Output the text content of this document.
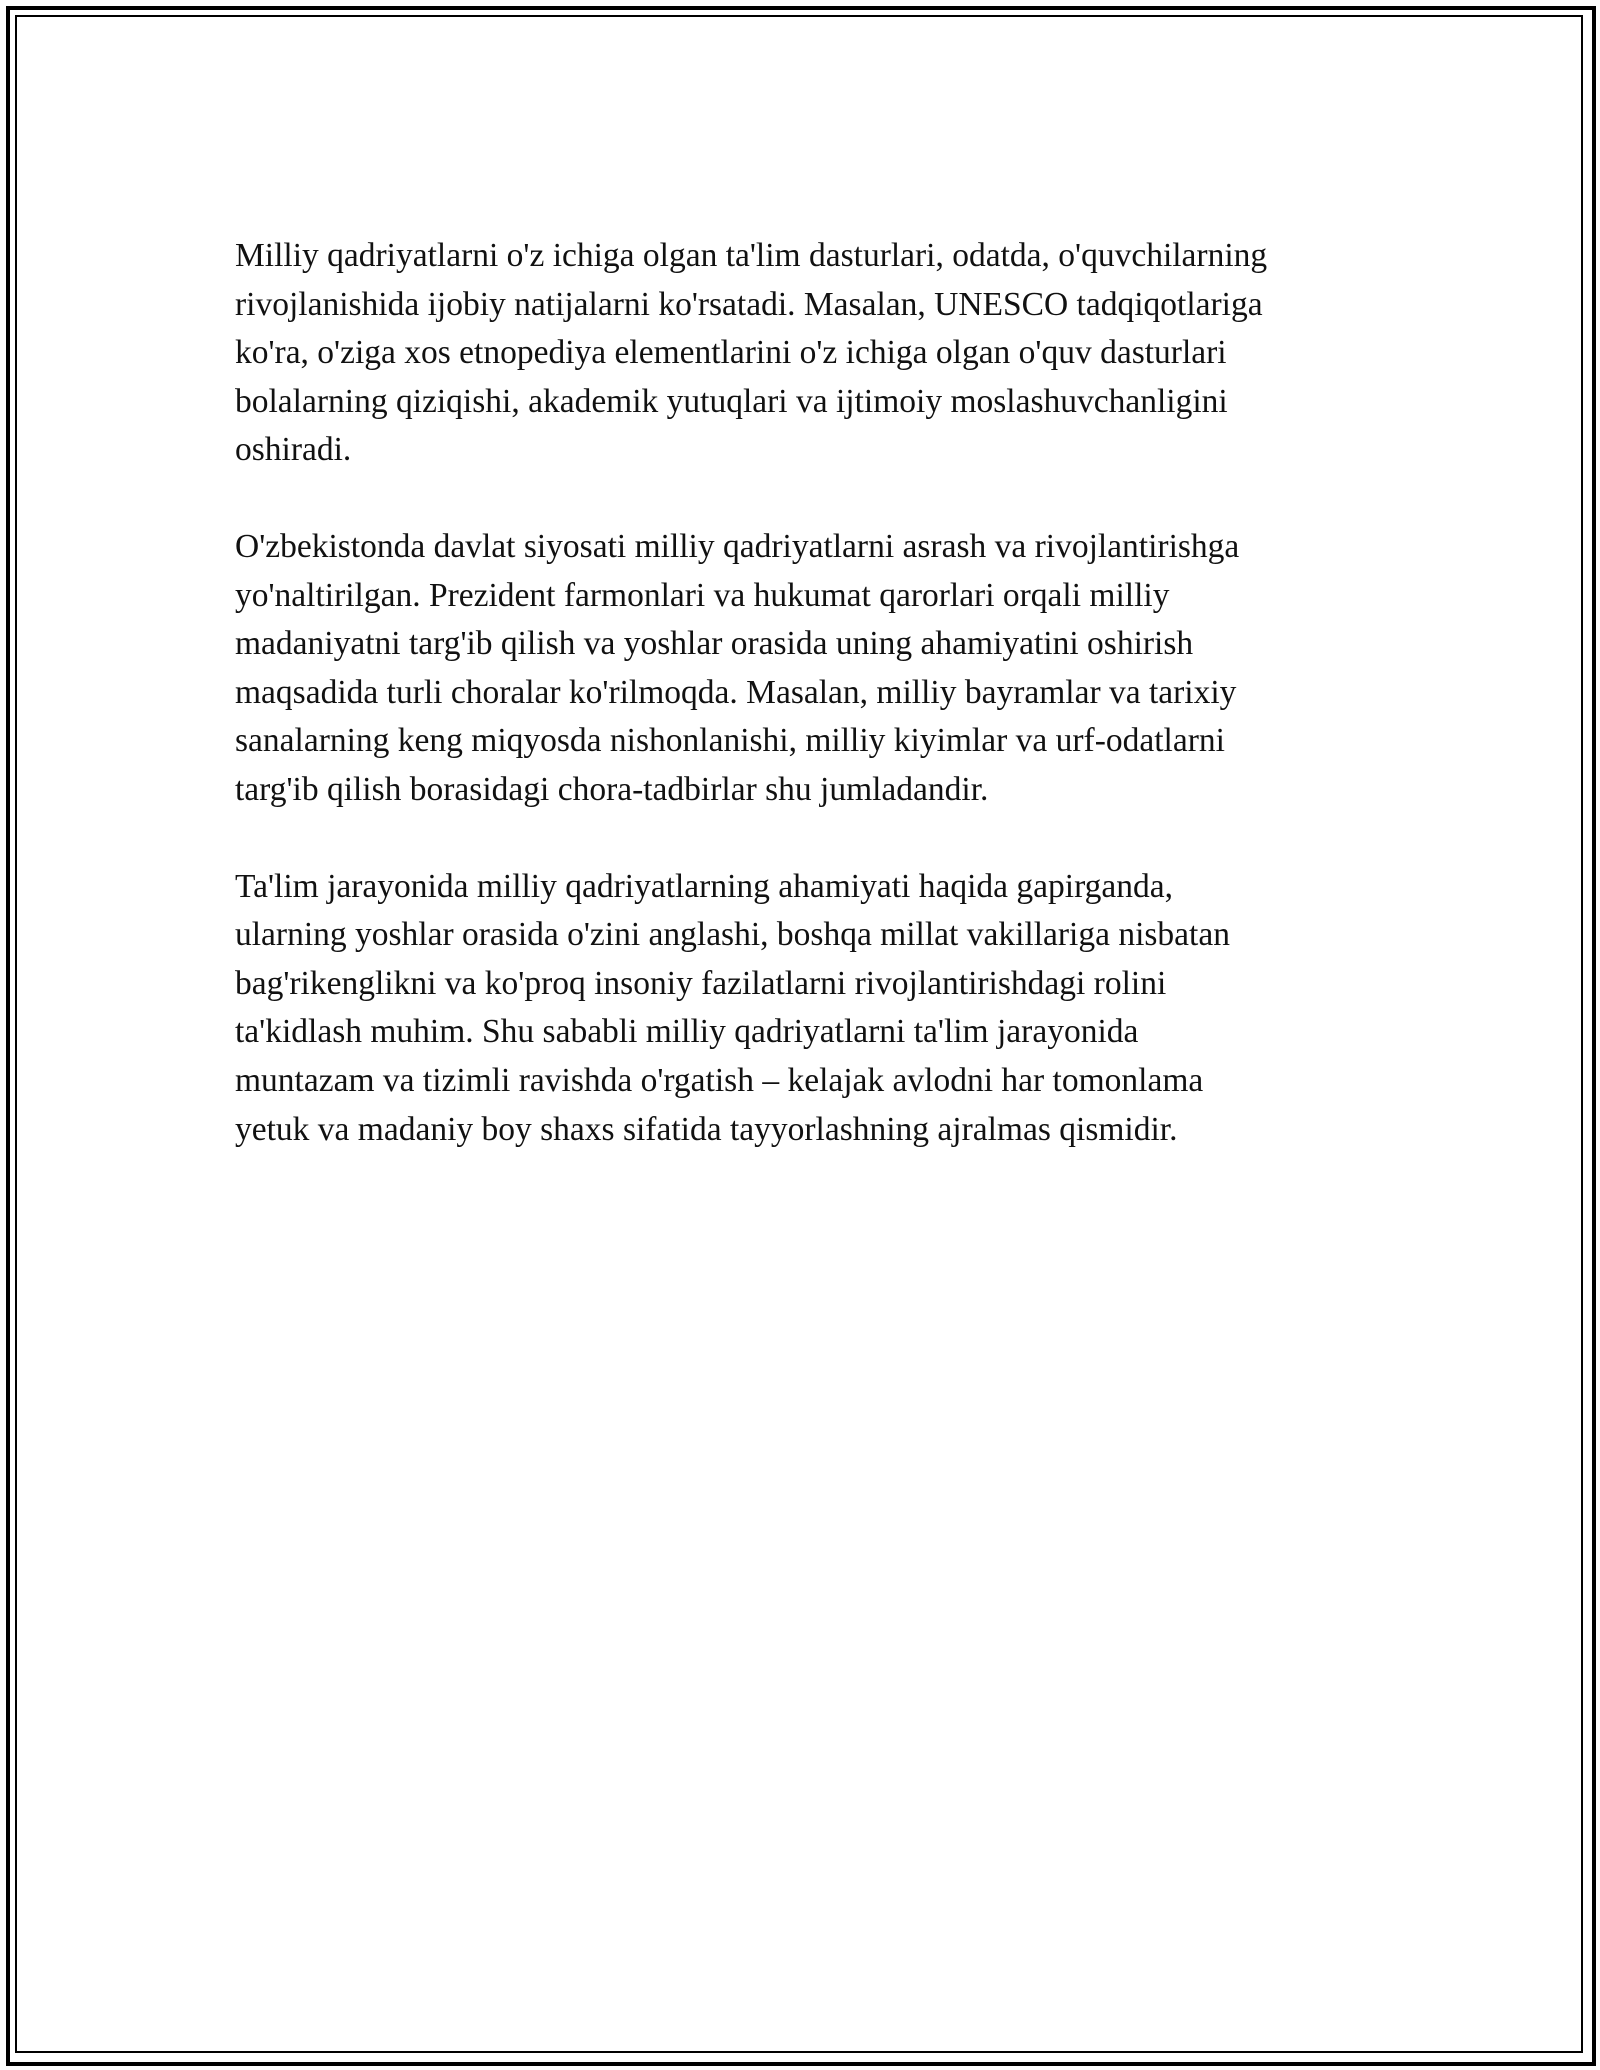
Milliy qadriyatlarni o'z ichiga olgan ta'lim dasturlari, odatda, o'quvchilarning
rivojlanishida ijobiy natijalarni ko'rsatadi. Masalan, UNESCO tadqiqotlariga
ko'ra, o'ziga xos etnopediya elementlarini o'z ichiga olgan o'quv dasturlari
bolalarning qiziqishi, akademik yutuqlari va ijtimoiy moslashuvchanligini
oshiradi.

O'zbekistonda davlat siyosati milliy qadriyatlarni asrash va rivojlantirishga
yo'naltirilgan. Prezident farmonlari va hukumat qarorlari orqali milliy
madaniyatni targ'ib qilish va yoshlar orasida uning ahamiyatini oshirish
maqsadida turli choralar ko'rilmoqda. Masalan, milliy bayramlar va tarixiy
sanalarning keng miqyosda nishonlanishi, milliy kiyimlar va urf-odatlarni
targ'ib qilish borasidagi chora-tadbirlar shu jumladandir.

Ta'lim jarayonida milliy qadriyatlarning ahamiyati haqida gapirganda,
ularning yoshlar orasida o'zini anglashi, boshqa millat vakillariga nisbatan
bag'rikenglikni va ko'proq insoniy fazilatlarni rivojlantirishdagi rolini
ta'kidlash muhim. Shu sababli milliy qadriyatlarni ta'lim jarayonida
muntazam va tizimli ravishda o'rgatish – kelajak avlodni har tomonlama
yetuk va madaniy boy shaxs sifatida tayyorlashning ajralmas qismidir.
